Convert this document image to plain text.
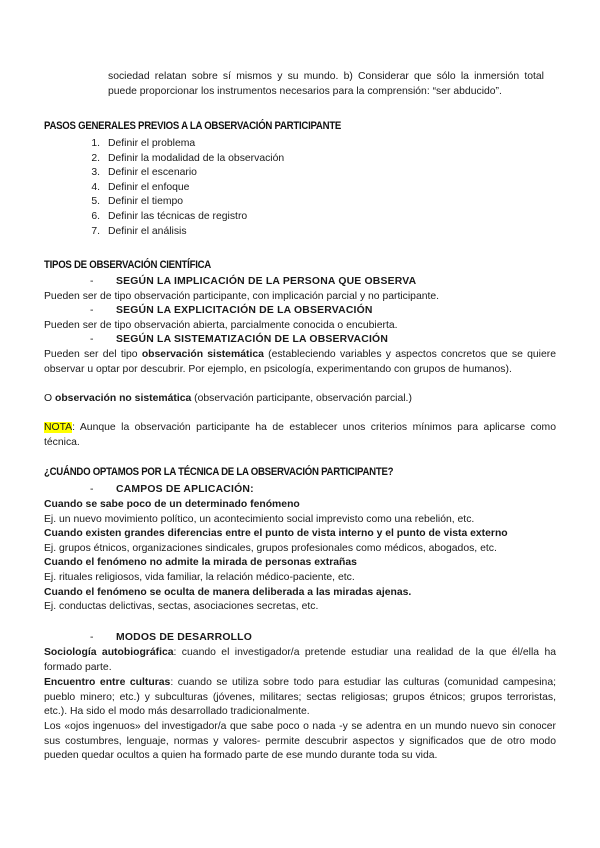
sociedad relatan sobre sí mismos y su mundo. b) Considerar que sólo la inmersión total
puede proporcionar los instrumentos necesarios para la comprensión: “ser abducido”.
PASOS GENERALES PREVIOS A LA OBSERVACIÓN PARTICIPANTE
1. Definir el problema
2. Definir la modalidad de la observación
3. Definir el escenario
4. Definir el enfoque
5. Definir el tiempo
6. Definir las técnicas de registro
7. Definir el análisis
TIPOS DE OBSERVACIÓN CIENTÍFICA
- SEGÚN LA IMPLICACIÓN DE LA PERSONA QUE OBSERVA
Pueden ser de tipo observación participante, con implicación parcial y no participante.
- SEGÚN LA EXPLICITACIÓN DE LA OBSERVACIÓN
Pueden ser de tipo observación abierta, parcialmente conocida o encubierta.
- SEGÚN LA SISTEMATIZACIÓN DE LA OBSERVACIÓN
Pueden ser del tipo observación sistemática (estableciendo variables y aspectos concretos que se quiere observar u optar por descubrir. Por ejemplo, en psicología, experimentando con grupos de humanos).
O observación no sistemática (observación participante, observación parcial.)
NOTA: Aunque la observación participante ha de establecer unos criterios mínimos para aplicarse como técnica.
¿CUÁNDO OPTAMOS POR LA TÉCNICA DE LA OBSERVACIÓN PARTICIPANTE?
- CAMPOS DE APLICACIÓN:
Cuando se sabe poco de un determinado fenómeno
Ej. un nuevo movimiento político, un acontecimiento social imprevisto como una rebelión, etc.
Cuando existen grandes diferencias entre el punto de vista interno y el punto de vista externo
Ej. grupos étnicos, organizaciones sindicales, grupos profesionales como médicos, abogados, etc.
Cuando el fenómeno no admite la mirada de personas extrañas
Ej. rituales religiosos, vida familiar, la relación médico-paciente, etc.
Cuando el fenómeno se oculta de manera deliberada a las miradas ajenas.
Ej. conductas delictivas, sectas, asociaciones secretas, etc.
- MODOS DE DESARROLLO
Sociología autobiográfica: cuando el investigador/a pretende estudiar una realidad de la que él/ella ha formado parte.
Encuentro entre culturas: cuando se utiliza sobre todo para estudiar las culturas (comunidad campesina; pueblo minero; etc.) y subculturas (jóvenes, militares; sectas religiosas; grupos étnicos; grupos terroristas, etc.). Ha sido el modo más desarrollado tradicionalmente.
Los «ojos ingenuos» del investigador/a que sabe poco o nada -y se adentra en un mundo nuevo sin conocer sus costumbres, lenguaje, normas y valores- permite descubrir aspectos y significados que de otro modo pueden quedar ocultos a quien ha formado parte de ese mundo durante toda su vida.
